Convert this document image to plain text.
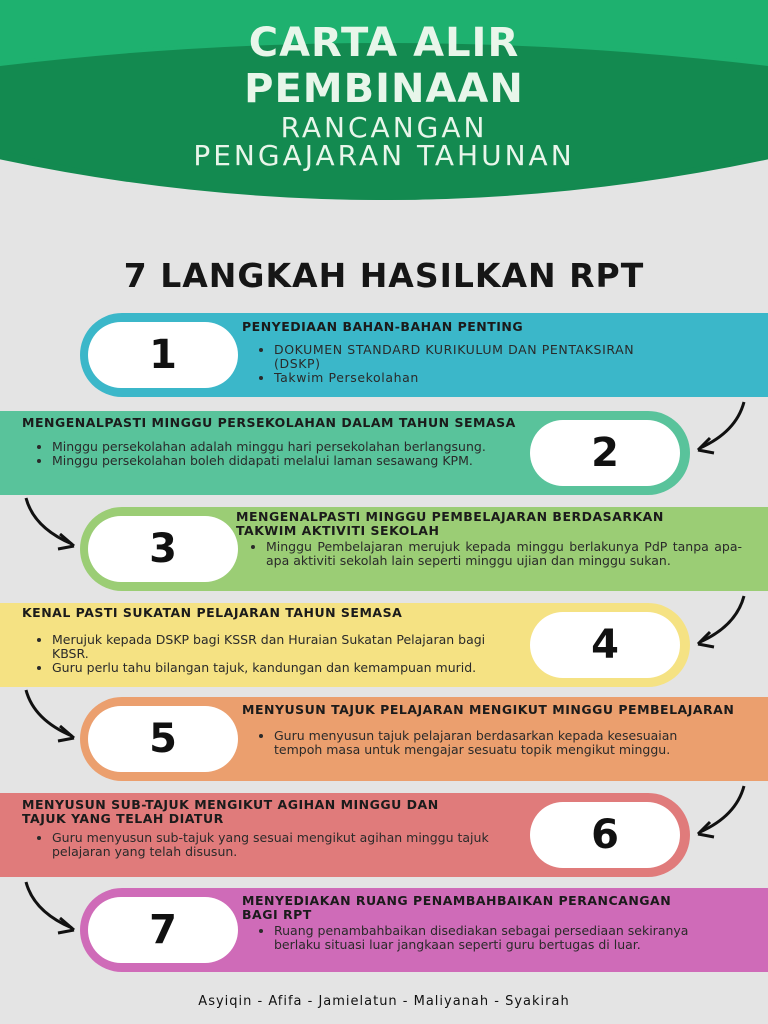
CARTA ALIR
PEMBINAAN
RANCANGAN
PENGAJARAN TAHUNAN
7 LANGKAH HASILKAN RPT
1
PENYEDIAAN BAHAN-BAHAN PENTING
• DOKUMEN STANDARD KURIKULUM DAN PENTAKSIRAN (DSKP)
• Takwim Persekolahan
2
MENGENALPASTI MINGGU PERSEKOLAHAN DALAM TAHUN SEMASA
• Minggu persekolahan adalah minggu hari persekolahan berlangsung.
• Minggu persekolahan boleh didapati melalui laman sesawang KPM.
3
MENGENALPASTI MINGGU PEMBELAJARAN BERDASARKAN TAKWIM AKTIVITI SEKOLAH
• Minggu Pembelajaran merujuk kepada minggu berlakunya PdP tanpa apa-apa aktiviti sekolah lain seperti minggu ujian dan minggu sukan.
4
KENAL PASTI SUKATAN PELAJARAN TAHUN SEMASA
• Merujuk kepada DSKP bagi KSSR dan Huraian Sukatan Pelajaran bagi KBSR.
• Guru perlu tahu bilangan tajuk, kandungan dan kemampuan murid.
5
MENYUSUN TAJUK PELAJARAN MENGIKUT MINGGU PEMBELAJARAN
• Guru menyusun tajuk pelajaran berdasarkan kepada kesesuaian tempoh masa untuk mengajar sesuatu topik mengikut minggu.
6
MENYUSUN SUB-TAJUK MENGIKUT AGIHAN MINGGU DAN TAJUK YANG TELAH DIATUR
• Guru menyusun sub-tajuk yang sesuai mengikut agihan minggu tajuk pelajaran yang telah disusun.
7
MENYEDIAKAN RUANG PENAMBAHBAIKAN PERANCANGAN BAGI RPT
• Ruang penambahbaikan disediakan sebagai persediaan sekiranya berlaku situasi luar jangkaan seperti guru bertugas di luar.
Asyiqin - Afifa - Jamielatun - Maliyanah - Syakirah
